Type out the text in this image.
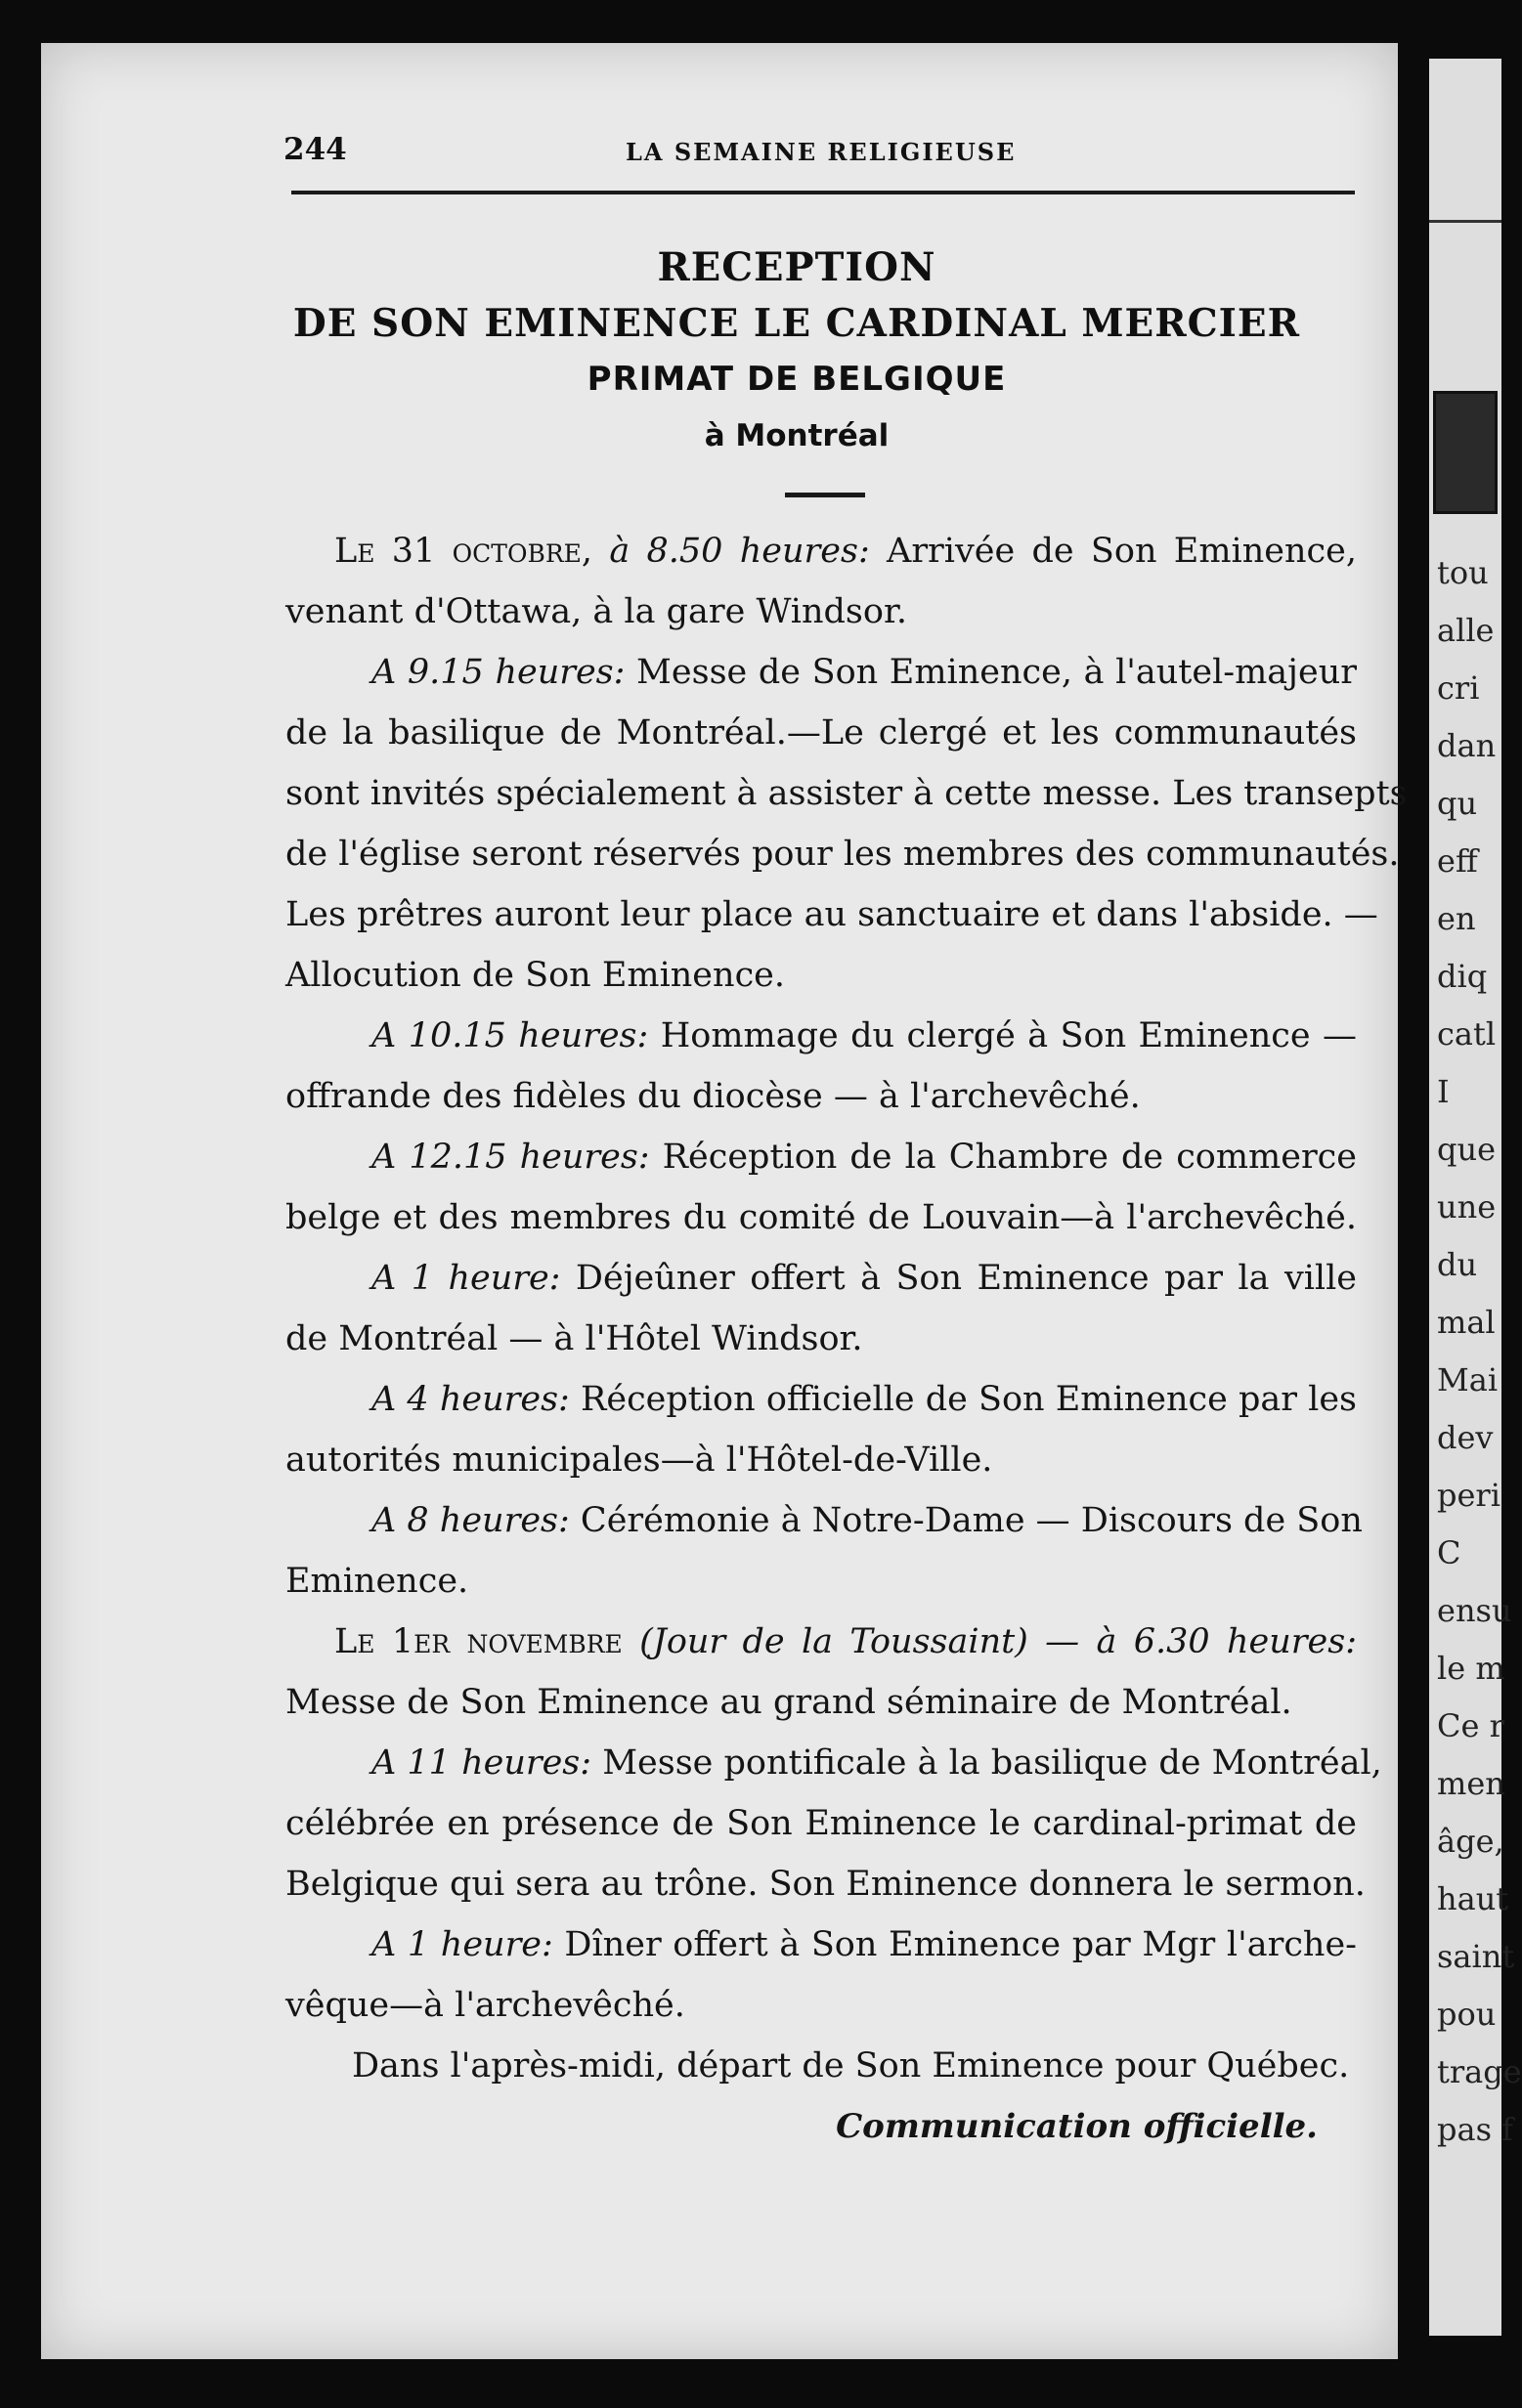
tou
alle
cri
dan
qu
eff
en
diq
catl
I
que
une
du
mal
Mai
dev
peri
C
ensu
le m
Ce r
men
âge,
haut
saint
pou
trage
pas f
244	LA SEMAINE RELIGIEUSE
RECEPTION
DE SON EMINENCE LE CARDINAL MERCIER
PRIMAT DE BELGIQUE
à Montréal
Le 31 octobre, à 8.50 heures: Arrivée de Son Eminence,
venant d'Ottawa, à la gare Windsor.
A 9.15 heures: Messe de Son Eminence, à l'autel-majeur
de la basilique de Montréal.—Le clergé et les communautés
sont invités spécialement à assister à cette messe. Les transepts
de l'église seront réservés pour les membres des communautés.
Les prêtres auront leur place au sanctuaire et dans l'abside. —
Allocution de Son Eminence.
A 10.15 heures: Hommage du clergé à Son Eminence —
offrande des fidèles du diocèse — à l'archevêché.
A 12.15 heures: Réception de la Chambre de commerce
belge et des membres du comité de Louvain—à l'archevêché.
A 1 heure: Déjeûner offert à Son Eminence par la ville
de Montréal — à l'Hôtel Windsor.
A 4 heures: Réception officielle de Son Eminence par les
autorités municipales—à l'Hôtel-de-Ville.
A 8 heures: Cérémonie à Notre-Dame — Discours de Son
Eminence.
Le 1er novembre (Jour de la Toussaint) — à 6.30 heures:
Messe de Son Eminence au grand séminaire de Montréal.
A 11 heures: Messe pontificale à la basilique de Montréal,
célébrée en présence de Son Eminence le cardinal-primat de
Belgique qui sera au trône. Son Eminence donnera le sermon.
A 1 heure: Dîner offert à Son Eminence par Mgr l'arche-
vêque—à l'archevêché.
Dans l'après-midi, départ de Son Eminence pour Québec.
Communication officielle.
